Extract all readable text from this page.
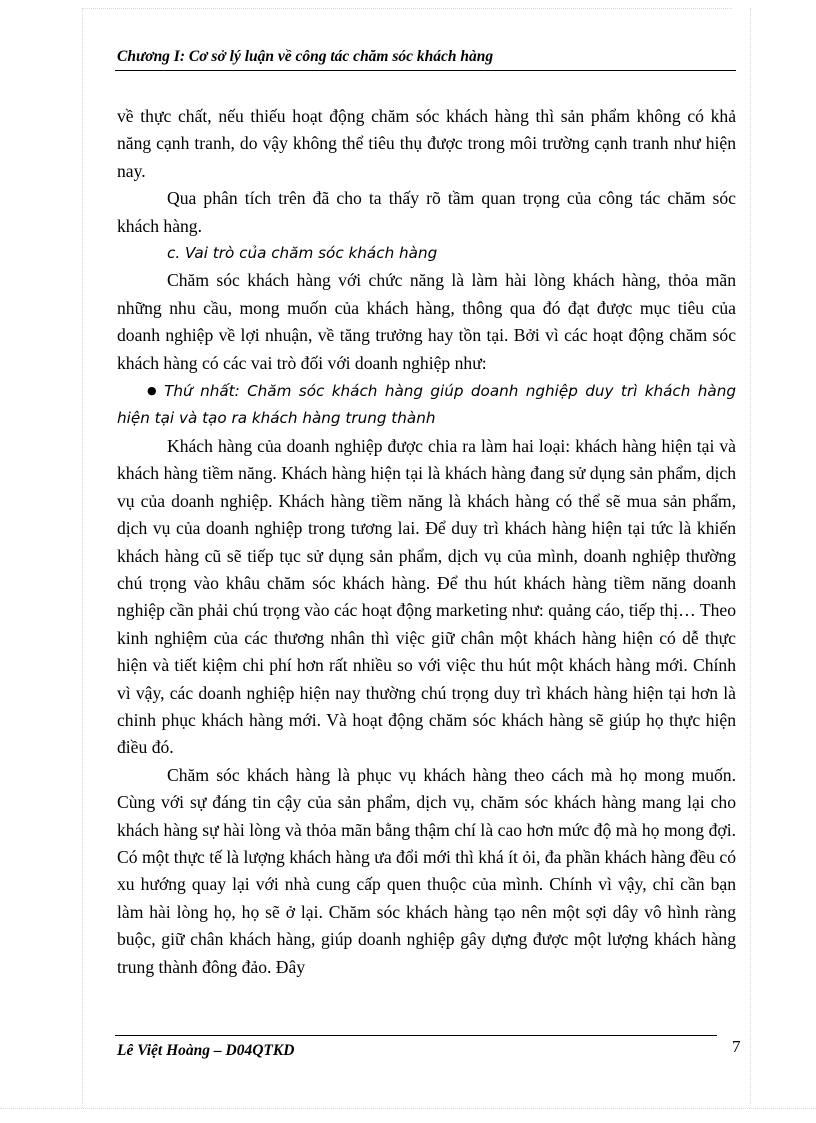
Chương I: Cơ sở lý luận về công tác chăm sóc khách hàng

về thực chất, nếu thiếu hoạt động chăm sóc khách hàng thì sản phẩm không có khả năng cạnh tranh, do vậy không thể tiêu thụ được trong môi trường cạnh tranh như hiện nay.

Qua phân tích trên đã cho ta thấy rõ tầm quan trọng của công tác chăm sóc khách hàng.

c. Vai trò của chăm sóc khách hàng

Chăm sóc khách hàng với chức năng là làm hài lòng khách hàng, thỏa mãn những nhu cầu, mong muốn của khách hàng, thông qua đó đạt được mục tiêu của doanh nghiệp về lợi nhuận, về tăng trưởng hay tồn tại. Bởi vì các hoạt động chăm sóc khách hàng có các vai trò đối với doanh nghiệp như:

● Thứ nhất: Chăm sóc khách hàng giúp doanh nghiệp duy trì khách hàng hiện tại và tạo ra khách hàng trung thành

Khách hàng của doanh nghiệp được chia ra làm hai loại: khách hàng hiện tại và khách hàng tiềm năng. Khách hàng hiện tại là khách hàng đang sử dụng sản phẩm, dịch vụ của doanh nghiệp. Khách hàng tiềm năng là khách hàng có thể sẽ mua sản phẩm, dịch vụ của doanh nghiệp trong tương lai. Để duy trì khách hàng hiện tại tức là khiến khách hàng cũ sẽ tiếp tục sử dụng sản phẩm, dịch vụ của mình, doanh nghiệp thường chú trọng vào khâu chăm sóc khách hàng. Để thu hút khách hàng tiềm năng doanh nghiệp cần phải chú trọng vào các hoạt động marketing như: quảng cáo, tiếp thị… Theo kinh nghiệm của các thương nhân thì việc giữ chân một khách hàng hiện có dễ thực hiện và tiết kiệm chi phí hơn rất nhiều so với việc thu hút một khách hàng mới. Chính vì vậy, các doanh nghiệp hiện nay thường chú trọng duy trì khách hàng hiện tại hơn là chinh phục khách hàng mới. Và hoạt động chăm sóc khách hàng sẽ giúp họ thực hiện điều đó.

Chăm sóc khách hàng là phục vụ khách hàng theo cách mà họ mong muốn. Cùng với sự đáng tin cậy của sản phẩm, dịch vụ, chăm sóc khách hàng mang lại cho khách hàng sự hài lòng và thỏa mãn bằng thậm chí là cao hơn mức độ mà họ mong đợi. Có một thực tế là lượng khách hàng ưa đổi mới thì khá ít ỏi, đa phần khách hàng đều có xu hướng quay lại với nhà cung cấp quen thuộc của mình. Chính vì vậy, chỉ cần bạn làm hài lòng họ, họ sẽ ở lại. Chăm sóc khách hàng tạo nên một sợi dây vô hình ràng buộc, giữ chân khách hàng, giúp doanh nghiệp gây dựng được một lượng khách hàng trung thành đông đảo. Đây

Lê Việt Hoàng – D04QTKD	7
